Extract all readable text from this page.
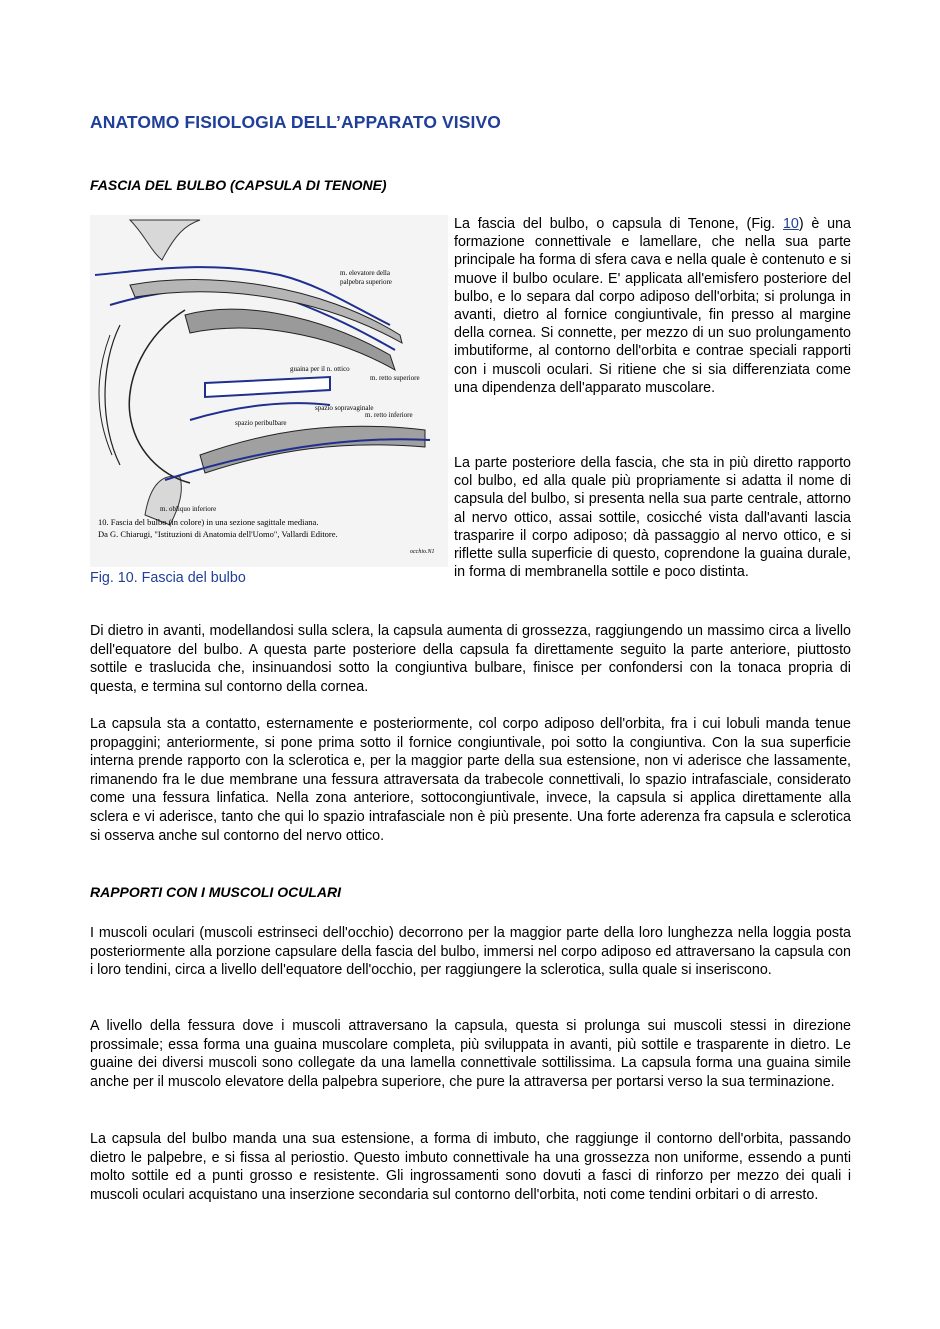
ANATOMO FISIOLOGIA DELL’APPARATO VISIVO
FASCIA DEL BULBO (CAPSULA DI TENONE)
m. elevatore della
palpebra superiore
guaina per il n. ottico
m. retto superiore
spazio sopravaginale
m. retto inferiore
spazio peribulbare
m. obliquo inferiore
10. Fascia del bulbo (in colore) in una sezione sagittale mediana.
Da G. Chiarugi, "Istituzioni di Anatomia dell'Uomo", Vallardi Editore.
occhio.N1
Fig. 10. Fascia del bulbo
La fascia del bulbo, o capsula di Tenone, (Fig. 10) è una formazione connettivale e lamellare, che nella sua parte principale ha forma di sfera cava e nella quale è contenuto e si muove il bulbo oculare. E' applicata all'emisfero posteriore del bulbo, e lo separa dal corpo adiposo dell'orbita; si prolunga in avanti, dietro al fornice congiuntivale, fin presso al margine della cornea. Si connette, per mezzo di un suo prolungamento imbutiforme, al contorno dell'orbita e contrae speciali rapporti con i muscoli oculari. Si ritiene che si sia differenziata come una dipendenza dell'apparato muscolare.
La parte posteriore della fascia, che sta in più diretto rapporto col bulbo, ed alla quale più propriamente si adatta il nome di capsula del bulbo, si presenta nella sua parte centrale, attorno al nervo ottico, assai sottile, cosicché vista dall'avanti lascia trasparire il corpo adiposo; dà passaggio al nervo ottico, e si riflette sulla superficie di questo, coprendone la guaina durale, in forma di membranella sottile e poco distinta.
Di dietro in avanti, modellandosi sulla sclera, la capsula aumenta di grossezza, raggiungendo un massimo circa a livello dell'equatore del bulbo. A questa parte posteriore della capsula fa direttamente seguito la parte anteriore, piuttosto sottile e traslucida che, insinuandosi sotto la congiuntiva bulbare, finisce per confondersi con la tonaca propria di questa, e termina sul contorno della cornea.
La capsula sta a contatto, esternamente e posteriormente, col corpo adiposo dell'orbita, fra i cui lobuli manda tenue propaggini; anteriormente, si pone prima sotto il fornice congiuntivale, poi sotto la congiuntiva. Con la sua superficie interna prende rapporto con la sclerotica e, per la maggior parte della sua estensione, non vi aderisce che lassamente, rimanendo fra le due membrane una fessura attraversata da trabecole connettivali, lo spazio intrafasciale, considerato come una fessura linfatica. Nella zona anteriore, sottocongiuntivale, invece, la capsula si applica direttamente alla sclera e vi aderisce, tanto che qui lo spazio intrafasciale non è più presente. Una forte aderenza fra capsula e sclerotica si osserva anche sul contorno del nervo ottico.
RAPPORTI CON I MUSCOLI OCULARI
I muscoli oculari (muscoli estrinseci dell'occhio) decorrono per la maggior parte della loro lunghezza nella loggia posta posteriormente alla porzione capsulare della fascia del bulbo, immersi nel corpo adiposo ed attraversano la capsula con i loro tendini, circa a livello dell'equatore dell'occhio, per raggiungere la sclerotica, sulla quale si inseriscono.
A livello della fessura dove i muscoli attraversano la capsula, questa si prolunga sui muscoli stessi in direzione prossimale; essa forma una guaina muscolare completa, più sviluppata in avanti, più sottile e trasparente in dietro. Le guaine dei diversi muscoli sono collegate da una lamella connettivale sottilissima. La capsula forma una guaina simile anche per il muscolo elevatore della palpebra superiore, che pure la attraversa per portarsi verso la sua terminazione.
La capsula del bulbo manda una sua estensione, a forma di imbuto, che raggiunge il contorno dell'orbita, passando dietro le palpebre, e si fissa al periostio. Questo imbuto connettivale ha una grossezza non uniforme, essendo a punti molto sottile ed a punti grosso e resistente. Gli ingrossamenti sono dovuti a fasci di rinforzo per mezzo dei quali i muscoli oculari acquistano una inserzione secondaria sul contorno dell'orbita, noti come tendini orbitari o di arresto.
